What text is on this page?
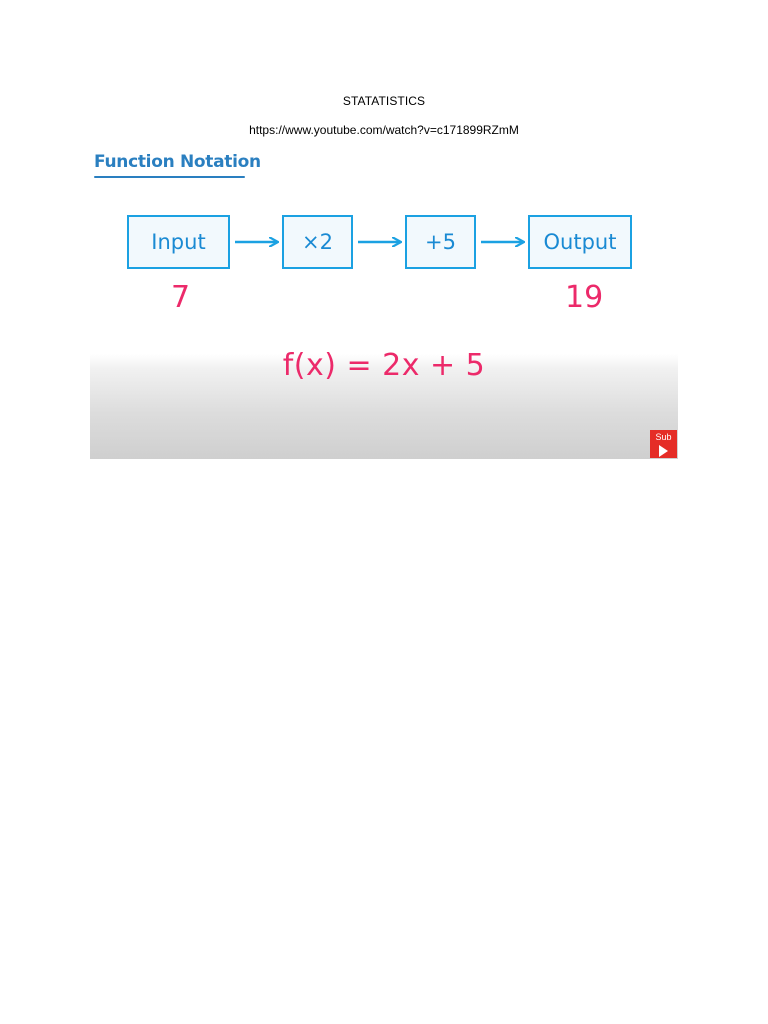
STATATISTICS
https://www.youtube.com/watch?v=c171899RZmM
Function Notation
Input	×2	+5	Output
7	19
f(x) = 2x + 5
Sub
